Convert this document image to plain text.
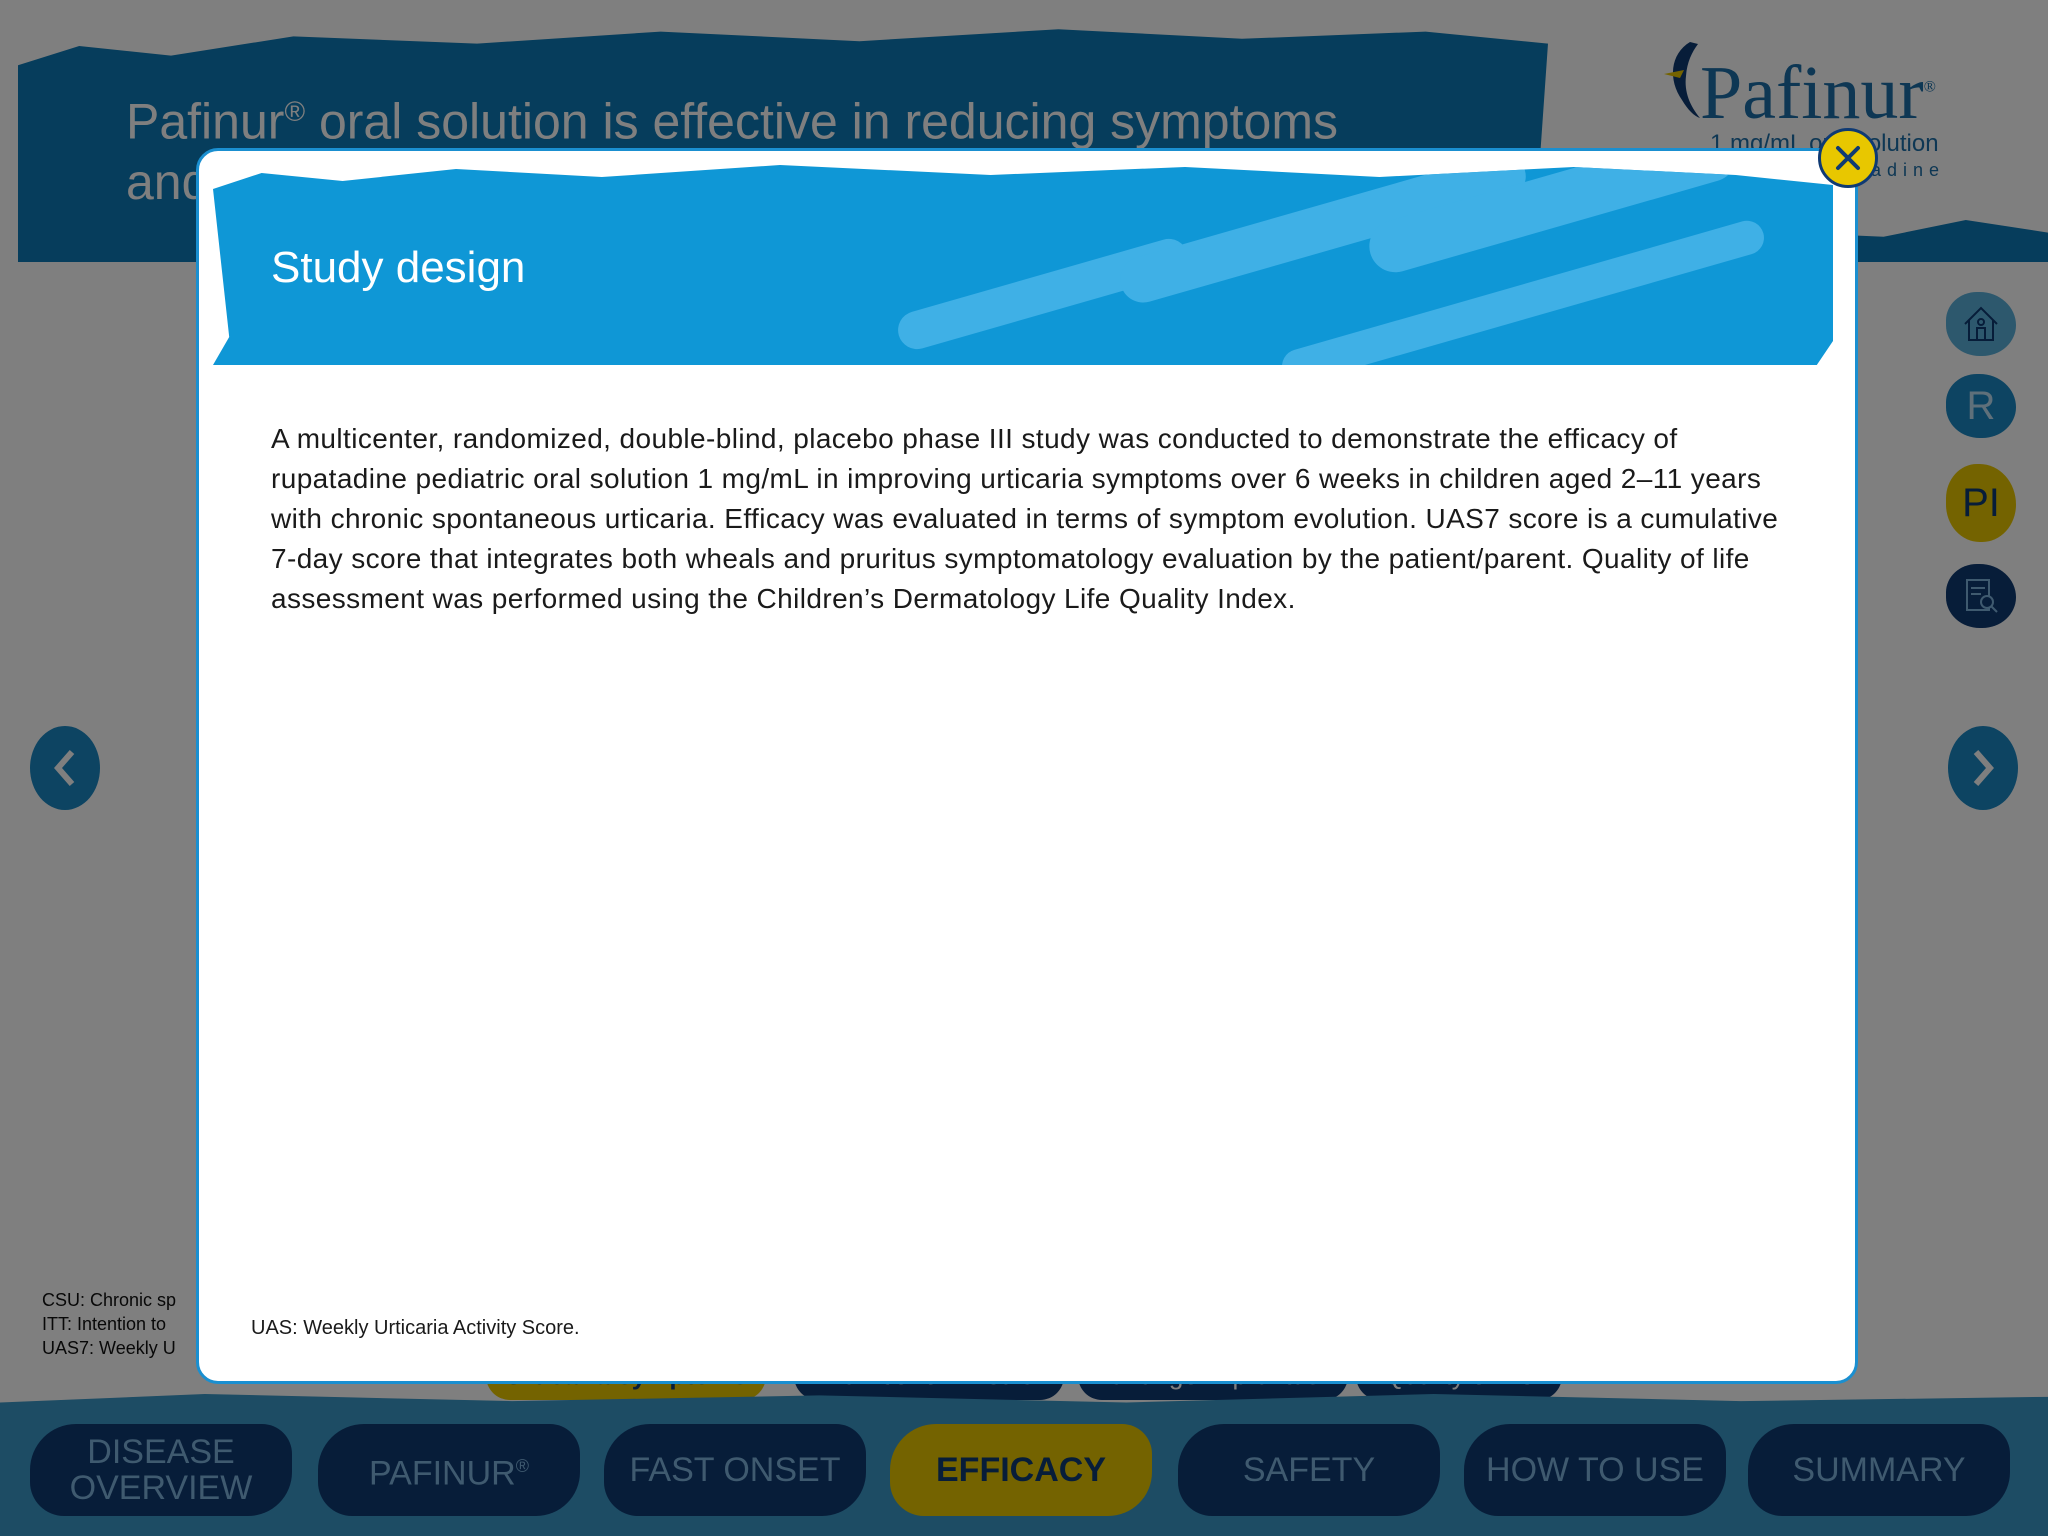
Study design
A multicenter, randomized, double-blind, placebo phase III study was conducted to demonstrate the efficacy of rupatadine pediatric oral solution 1 mg/mL in improving urticaria symptoms over 6 weeks in children aged 2–11 years with chronic spontaneous urticaria. Efficacy was evaluated in terms of symptom evolution. UAS7 score is a cumulative 7-day score that integrates both wheals and pruritus symptomatology evaluation by the patient/parent. Quality of life assessment was performed using the Children’s Dermatology Life Quality Index.
UAS: Weekly Urticaria Activity Score.
